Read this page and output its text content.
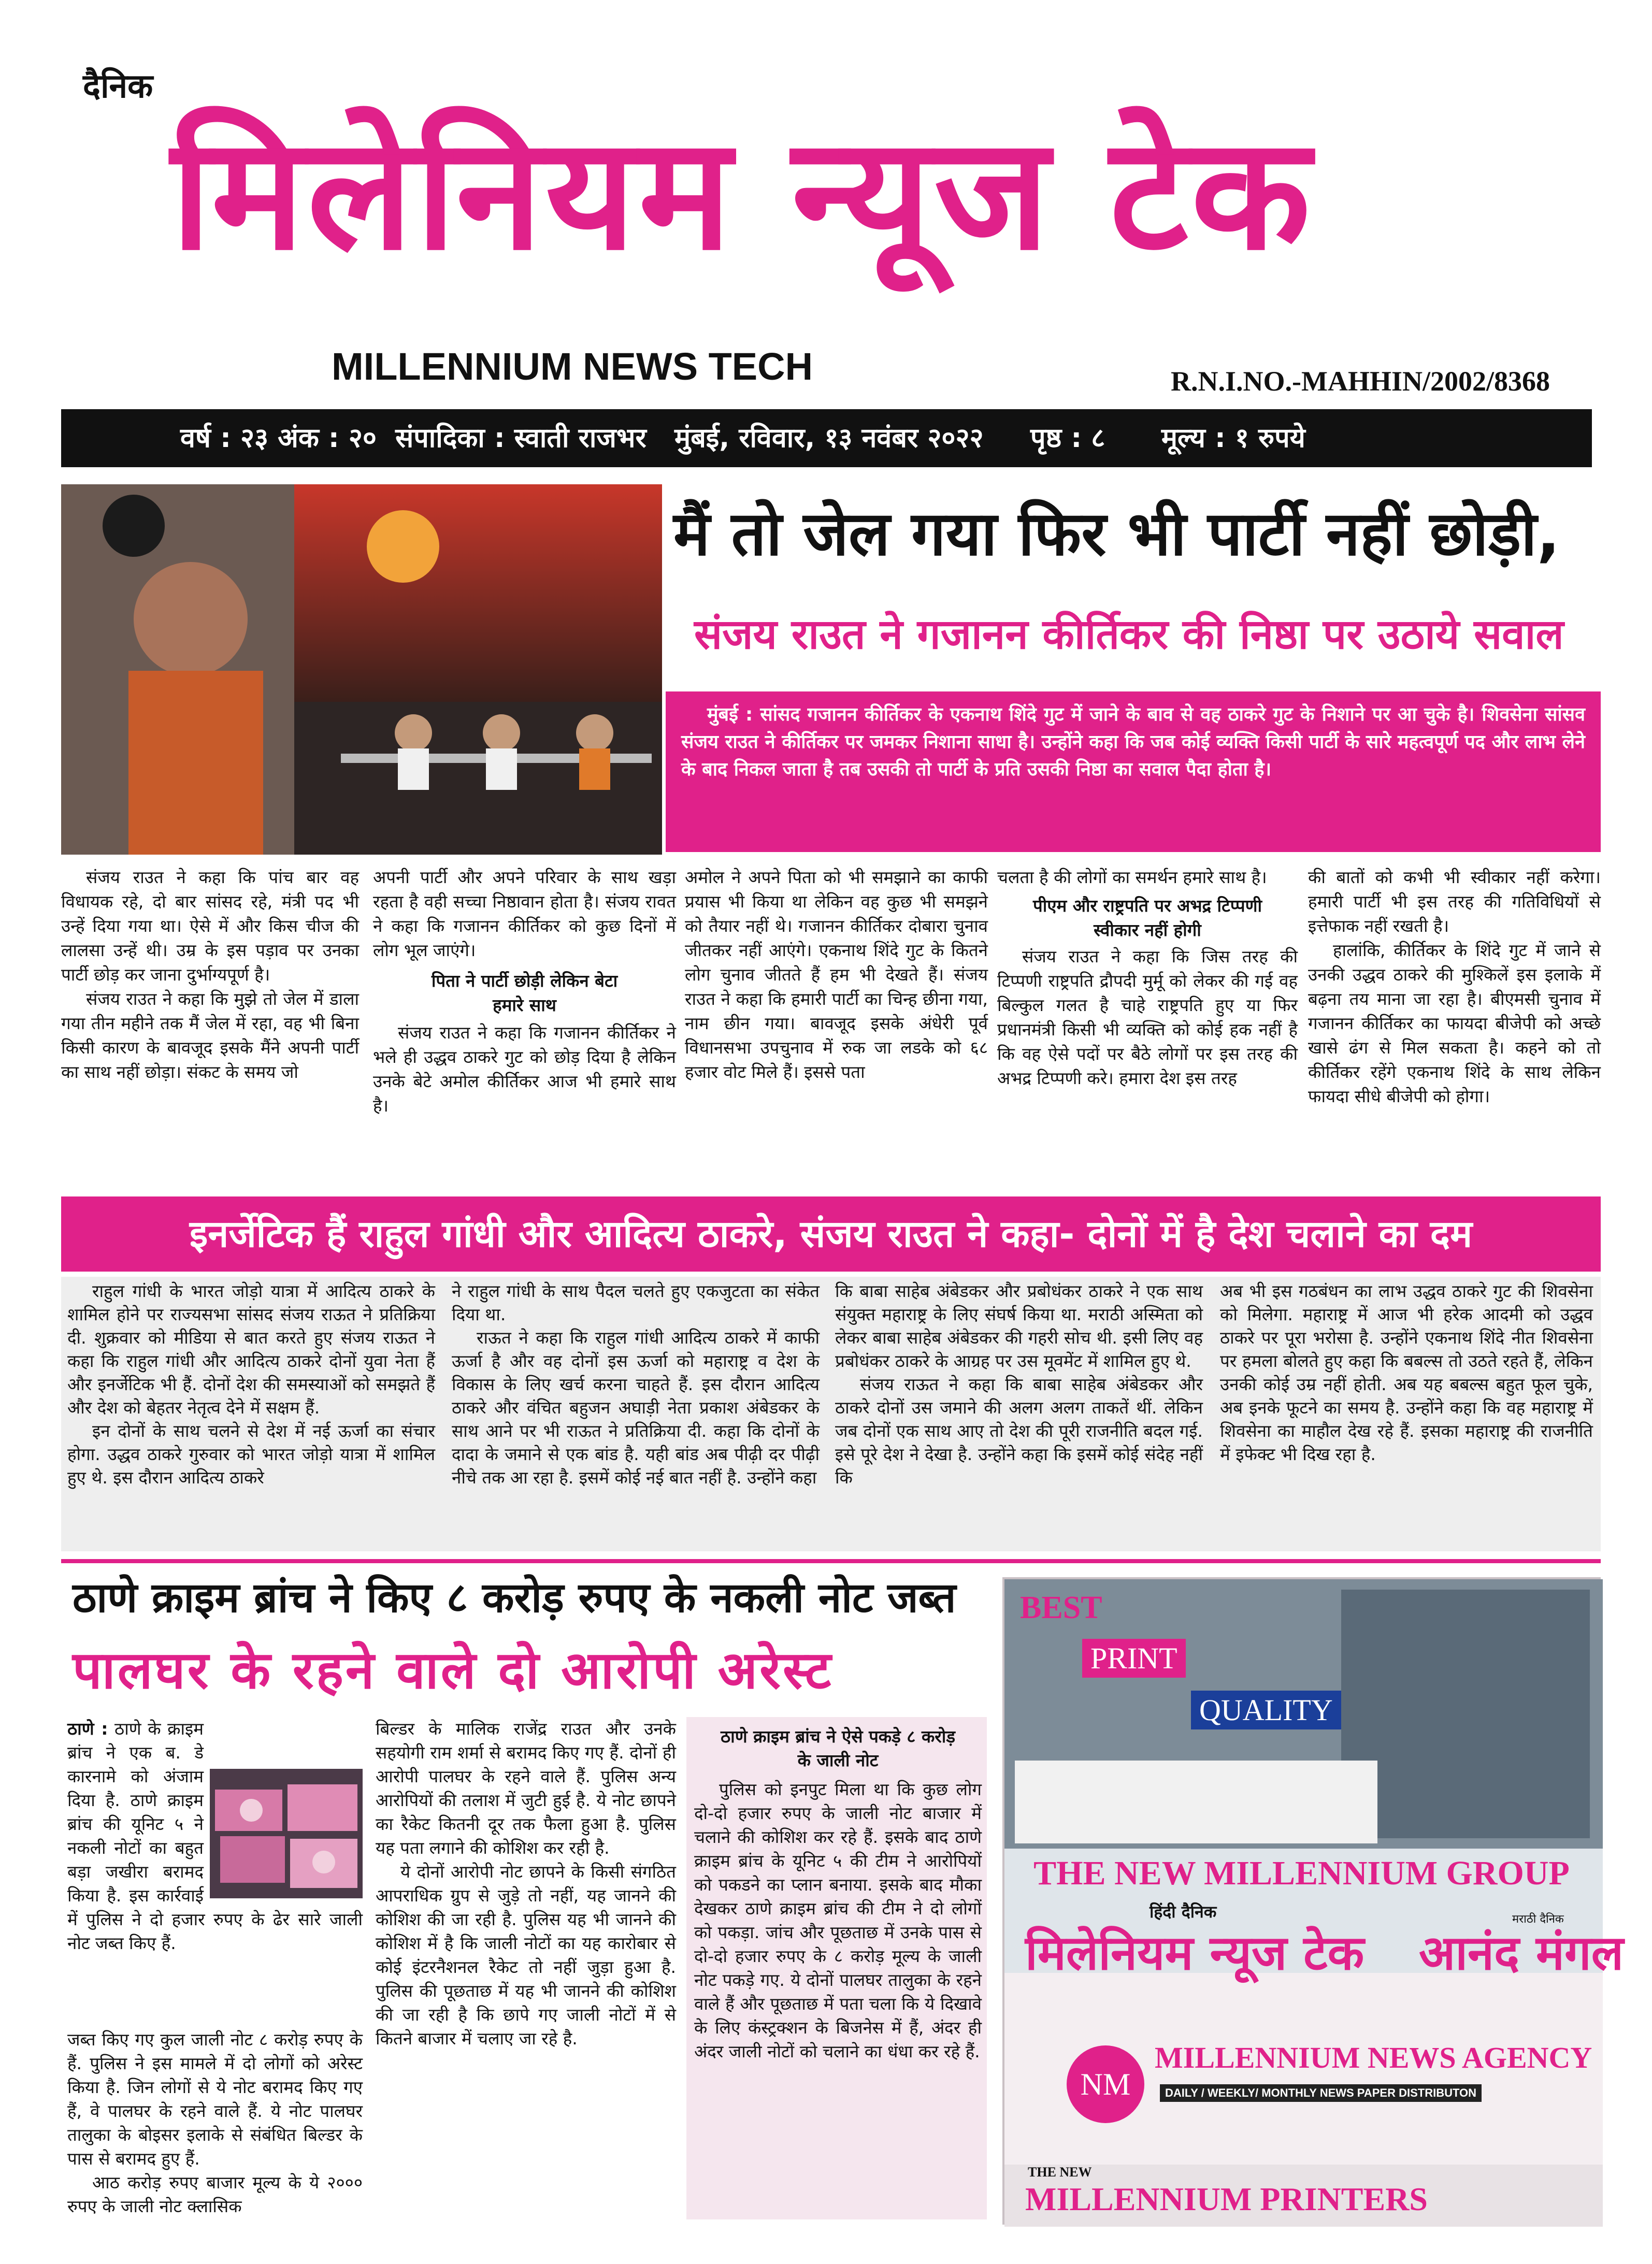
दैनिक
मिलेनियम न्यूज टेक
MILLENNIUM NEWS TECH	R.N.I.NO.-MAHHIN/2002/8368
वर्ष : २३ अंक : २०  संपादिका : स्वाती राजभर   मुंबई, रविवार, १३ नवंबर २०२२     पृष्ठ : ८      मूल्य : १ रुपये
मैं तो जेल गया फिर भी पार्टी नहीं छोड़ी,
संजय राउत ने गजानन कीर्तिकर की निष्ठा पर उठाये सवाल
मुंबई : सांसद गजानन कीर्तिकर के एकनाथ शिंदे गुट में जाने के बाव से वह ठाकरे गुट के निशाने पर आ चुके है। शिवसेना सांसव संजय राउत ने कीर्तिकर पर जमकर निशाना साधा है। उन्होंने कहा कि जब कोई व्यक्ति किसी पार्टी के सारे महत्वपूर्ण पद और लाभ लेने के बाद निकल जाता है तब उसकी तो पार्टी के प्रति उसकी निष्ठा का सवाल पैदा होता है।

संजय राउत ने कहा कि पांच बार वह विधायक रहे, दो बार सांसद रहे, मंत्री पद भी उन्हें दिया गया था। ऐसे में और किस चीज की लालसा उन्हें थी। उम्र के इस पड़ाव पर उनका पार्टी छोड़ कर जाना दुर्भाग्यपूर्ण है।

संजय राउत ने कहा कि मुझे तो जेल में डाला गया तीन महीने तक मैं जेल में रहा, वह भी बिना किसी कारण के बावजूद इसके मैंने अपनी पार्टी का साथ नहीं छोड़ा। संकट के समय जो

अपनी पार्टी और अपने परिवार के साथ खड़ा रहता है वही सच्चा निष्ठावान होता है। संजय रावत ने कहा कि गजानन कीर्तिकर को कुछ दिनों में लोग भूल जाएंगे।

पिता ने पार्टी छोड़ी लेकिन बेटा हमारे साथ

संजय राउत ने कहा कि गजानन कीर्तिकर ने भले ही उद्धव ठाकरे गुट को छोड़ दिया है लेकिन उनके बेटे अमोल कीर्तिकर आज भी हमारे साथ है।

अमोल ने अपने पिता को भी समझाने का काफी प्रयास भी किया था लेकिन वह कुछ भी समझने को तैयार नहीं थे। गजानन कीर्तिकर दोबारा चुनाव जीतकर नहीं आएंगे। एकनाथ शिंदे गुट के कितने लोग चुनाव जीतते हैं हम भी देखते हैं। संजय राउत ने कहा कि हमारी पार्टी का चिन्ह छीना गया, नाम छीन गया। बावजूद इसके अंधेरी पूर्व विधानसभा उपचुनाव में रुक जा लडके को ६८ हजार वोट मिले हैं। इससे पता

चलता है की लोगों का समर्थन हमारे साथ है।

पीएम और राष्ट्रपति पर अभद्र टिप्पणी स्वीकार नहीं होगी

संजय राउत ने कहा कि जिस तरह की टिप्पणी राष्ट्रपति द्रौपदी मुर्मू को लेकर की गई वह बिल्कुल गलत है चाहे राष्ट्रपति हुए या फिर प्रधानमंत्री किसी भी व्यक्ति को कोई हक नहीं है कि वह ऐसे पदों पर बैठे लोगों पर इस तरह की अभद्र टिप्पणी करे। हमारा देश इस तरह

की बातों को कभी भी स्वीकार नहीं करेगा। हमारी पार्टी भी इस तरह की गतिविधियों से इत्तेफाक नहीं रखती है।

हालांकि, कीर्तिकर के शिंदे गुट में जाने से उनकी उद्धव ठाकरे की मुश्किलें इस इलाके में बढ़ना तय माना जा रहा है। बीएमसी चुनाव में गजानन कीर्तिकर का फायदा बीजेपी को अच्छे खासे ढंग से मिल सकता है। कहने को तो कीर्तिकर रहेंगे एकनाथ शिंदे के साथ लेकिन फायदा सीधे बीजेपी को होगा।

इनर्जेटिक हैं राहुल गांधी और आदित्य ठाकरे, संजय राउत ने कहा- दोनों में है देश चलाने का दम

राहुल गांधी के भारत जोड़ो यात्रा में आदित्य ठाकरे के शामिल होने पर राज्यसभा सांसद संजय राऊत ने प्रतिक्रिया दी. शुक्रवार को मीडिया से बात करते हुए संजय राऊत ने कहा कि राहुल गांधी और आदित्य ठाकरे दोनों युवा नेता हैं और इनर्जेटिक भी हैं. दोनों देश की समस्याओं को समझते हैं और देश को बेहतर नेतृत्व देने में सक्षम हैं.

इन दोनों के साथ चलने से देश में नई ऊर्जा का संचार होगा. उद्धव ठाकरे गुरुवार को भारत जोड़ो यात्रा में शामिल हुए थे. इस दौरान आदित्य ठाकरे

ने राहुल गांधी के साथ पैदल चलते हुए एकजुटता का संकेत दिया था.

राऊत ने कहा कि राहुल गांधी आदित्य ठाकरे में काफी ऊर्जा है और वह दोनों इस ऊर्जा को महाराष्ट्र व देश के विकास के लिए खर्च करना चाहते हैं. इस दौरान आदित्य ठाकरे और वंचित बहुजन अघाड़ी नेता प्रकाश अंबेडकर के साथ आने पर भी राऊत ने प्रतिक्रिया दी. कहा कि दोनों के दादा के जमाने से एक बांड है. यही बांड अब पीढ़ी दर पीढ़ी नीचे तक आ रहा है. इसमें कोई नई बात नहीं है. उन्होंने कहा

कि बाबा साहेब अंबेडकर और प्रबोधंकर ठाकरे ने एक साथ संयुक्त महाराष्ट्र के लिए संघर्ष किया था. मराठी अस्मिता को लेकर बाबा साहेब अंबेडकर की गहरी सोच थी. इसी लिए वह प्रबोधंकर ठाकरे के आग्रह पर उस मूवमेंट में शामिल हुए थे.

संजय राऊत ने कहा कि बाबा साहेब अंबेडकर और ठाकरे दोनों उस जमाने की अलग अलग ताकतें थीं. लेकिन जब दोनों एक साथ आए तो देश की पूरी राजनीति बदल गई. इसे पूरे देश ने देखा है. उन्होंने कहा कि इसमें कोई संदेह नहीं कि

अब भी इस गठबंधन का लाभ उद्धव ठाकरे गुट की शिवसेना को मिलेगा. महाराष्ट्र में आज भी हरेक आदमी को उद्धव ठाकरे पर पूरा भरोसा है. उन्होंने एकनाथ शिंदे नीत शिवसेना पर हमला बोलते हुए कहा कि बबल्स तो उठते रहते हैं, लेकिन उनकी कोई उम्र नहीं होती. अब यह बबल्स बहुत फूल चुके, अब इनके फूटने का समय है. उन्होंने कहा कि वह महाराष्ट्र में शिवसेना का माहौल देख रहे हैं. इसका महाराष्ट्र की राजनीति में इफेक्ट भी दिख रहा है.

ठाणे क्राइम ब्रांच ने किए ८ करोड़ रुपए के नकली नोट जब्त
पालघर के रहने वाले दो आरोपी अरेस्ट
ठाणे : ठाणे के क्राइम ब्रांच ने एक ब. डे कारनामे को अंजाम दिया है. ठाणे क्राइम ब्रांच की यूनिट ५ ने नकली नोटों का बहुत बड़ा जखीरा बरामद किया है. इस कार्रवाई में पुलिस ने दो हजार रुपए के ढेर सारे जाली नोट जब्त किए हैं.

जब्त किए गए कुल जाली नोट ८ करोड़ रुपए के हैं. पुलिस ने इस मामले में दो लोगों को अरेस्ट किया है. जिन लोगों से ये नोट बरामद किए गए हैं, वे पालघर के रहने वाले हैं. ये नोट पालघर तालुका के बोइसर इलाके से संबंधित बिल्डर के पास से बरामद हुए हैं.

आठ करोड़ रुपए बाजार मूल्य के ये २००० रुपए के जाली नोट क्लासिक

बिल्डर के मालिक राजेंद्र राउत और उनके सहयोगी राम शर्मा से बरामद किए गए हैं. दोनों ही आरोपी पालघर के रहने वाले हैं. पुलिस अन्य आरोपियों की तलाश में जुटी हुई है. ये नोट छापने का रैकेट कितनी दूर तक फैला हुआ है. पुलिस यह पता लगाने की कोशिश कर रही है.

ये दोनों आरोपी नोट छापने के किसी संगठित आपराधिक ग्रुप से जुड़े तो नहीं, यह जानने की कोशिश की जा रही है. पुलिस यह भी जानने की कोशिश में है कि जाली नोटों का यह कारोबार से कोई इंटरनैशनल रैकेट तो नहीं जुड़ा हुआ है. पुलिस की पूछताछ में यह भी जानने की कोशिश की जा रही है कि छापे गए जाली नोटों में से कितने बाजार में चलाए जा रहे है.

ठाणे क्राइम ब्रांच ने ऐसे पकड़े ८ करोड़ के जाली नोट

पुलिस को इनपुट मिला था कि कुछ लोग दो-दो हजार रुपए के जाली नोट बाजार में चलाने की कोशिश कर रहे हैं. इसके बाद ठाणे क्राइम ब्रांच के यूनिट ५ की टीम ने आरोपियों को पकडने का प्लान बनाया. इसके बाद मौका देखकर ठाणे क्राइम ब्रांच की टीम ने दो लोगों को पकड़ा. जांच और पूछताछ में उनके पास से दो-दो हजार रुपए के ८ करोड़ मूल्य के जाली नोट पकड़े गए. ये दोनों पालघर तालुका के रहने वाले हैं और पूछताछ में पता चला कि ये दिखावे के लिए कंस्ट्रक्शन के बिजनेस में हैं, अंदर ही अंदर जाली नोटों को चलाने का धंधा कर रहे हैं.

BEST
PRINT
QUALITY
THE NEW MILLENNIUM GROUP
हिंदी दैनिक
मिलेनियम न्यूज टेक
मराठी दैनिक
आनंद मंगल
NM
MILLENNIUM NEWS AGENCY
DAILY / WEEKLY/ MONTHLY NEWS PAPER DISTRIBUTON
THE NEW
MILLENNIUM PRINTERS
